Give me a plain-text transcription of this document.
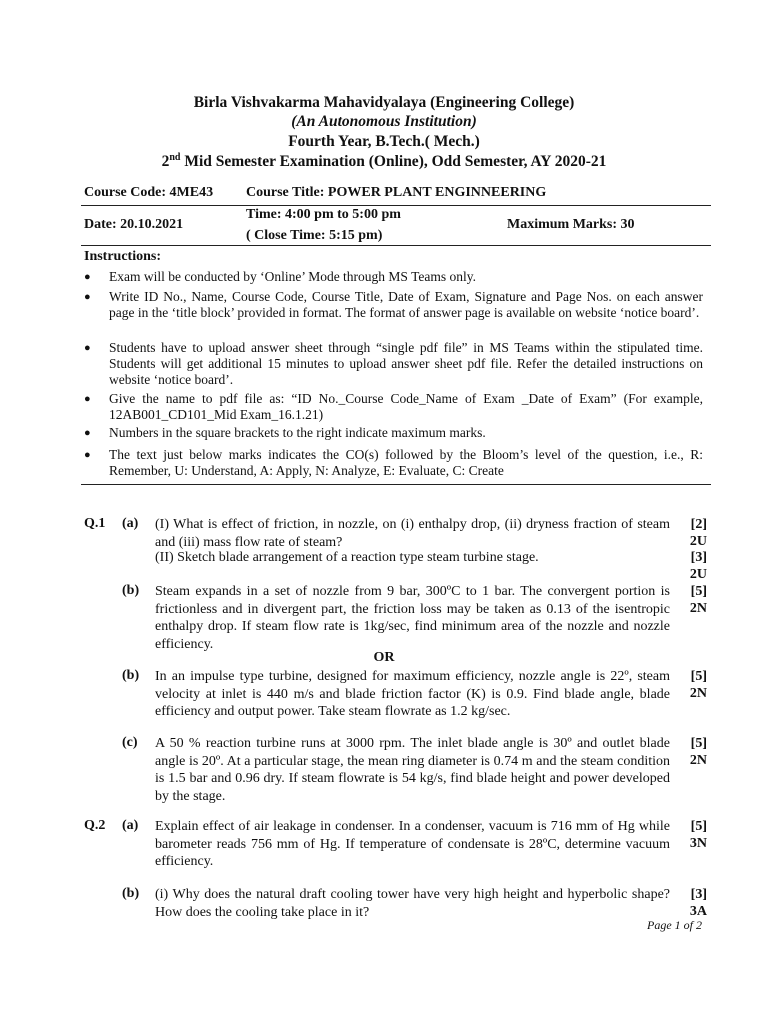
Birla Vishvakarma Mahavidyalaya (Engineering College)
(An Autonomous Institution)
Fourth Year, B.Tech.( Mech.)
2nd Mid Semester Examination (Online), Odd Semester, AY 2020-21
Course Code: 4ME43 Course Title: POWER PLANT ENGINNEERING
Date: 20.10.2021
Time: 4:00 pm to 5:00 pm
( Close Time: 5:15 pm)
Maximum Marks: 30
Instructions:
● Exam will be conducted by ‘Online’ Mode through MS Teams only.
● Write ID No., Name, Course Code, Course Title, Date of Exam, Signature and Page Nos. on each answer page in the ‘title block’ provided in format. The format of answer page is available on website ‘notice board’.
● Students have to upload answer sheet through “single pdf file” in MS Teams within the stipulated time. Students will get additional 15 minutes to upload answer sheet pdf file. Refer the detailed instructions on website ‘notice board’.
● Give the name to pdf file as: “ID No._Course Code_Name of Exam _Date of Exam” (For example, 12AB001_CD101_Mid Exam_16.1.21)
● Numbers in the square brackets to the right indicate maximum marks.
● The text just below marks indicates the CO(s) followed by the Bloom’s level of the question, i.e., R: Remember, U: Understand, A: Apply, N: Analyze, E: Evaluate, C: Create
Q.1 (a) (I) What is effect of friction, in nozzle, on (i) enthalpy drop, (ii) dryness fraction of steam and (iii) mass flow rate of steam?
[2]
2U
(II) Sketch blade arrangement of a reaction type steam turbine stage.	[3]
2U
(b) Steam expands in a set of nozzle from 9 bar, 300ºC to 1 bar. The convergent portion is frictionless and in divergent part, the friction loss may be taken as 0.13 of the isentropic enthalpy drop. If steam flow rate is 1kg/sec, find minimum area of the nozzle and nozzle efficiency.
[5]
2N
OR
(b) In an impulse type turbine, designed for maximum efficiency, nozzle angle is 22º, steam velocity at inlet is 440 m/s and blade friction factor (K) is 0.9. Find blade angle, blade efficiency and output power. Take steam flowrate as 1.2 kg/sec.
[5]
2N
(c) A 50 % reaction turbine runs at 3000 rpm. The inlet blade angle is 30º and outlet blade angle is 20º. At a particular stage, the mean ring diameter is 0.74 m and the steam condition is 1.5 bar and 0.96 dry. If steam flowrate is 54 kg/s, find blade height and power developed by the stage.
[5]
2N
Q.2 (a) Explain effect of air leakage in condenser. In a condenser, vacuum is 716 mm of Hg while barometer reads 756 mm of Hg. If temperature of condensate is 28ºC, determine vacuum efficiency.
[5]
3N
(b) (i) Why does the natural draft cooling tower have very high height and hyperbolic shape? How does the cooling take place in it?
[3]
3A
Page 1 of 2
